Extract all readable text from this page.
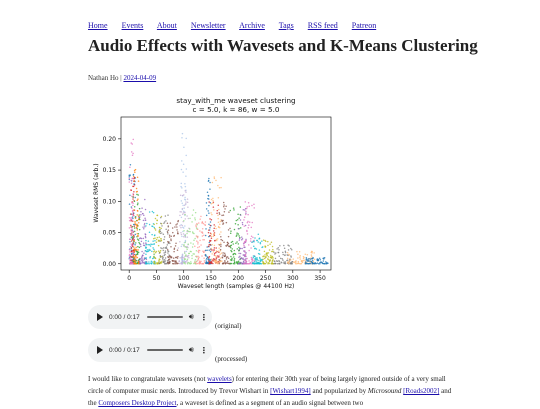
Home Events About Newsletter Archive Tags RSS feed Patreon
Audio Effects with Wavesets and K-Means Clustering
Nathan Ho | 2024-04-09
stay_with_me waveset clustering
c = 5.0, k = 86, w = 5.0
0	50	100	150	200	250	300	350
0.00
0.05
0.10
0.15
0.20
Waveset length (samples @ 44100 Hz)
Waveset RMS (arb.)
0:00 / 0:17	🔊︎ ⋮
(original)
0:00 / 0:17	🔊︎ ⋮
(processed)

I would like to congratulate wavesets (not wavelets) for entering their 30th year of being largely ignored outside of a very small circle of computer music nerds. Introduced by Trevor Wishart in [Wishart1994] and popularized by Microsound [Roads2002] and the Composers Desktop Project, a waveset is defined as a segment of an audio signal between two
